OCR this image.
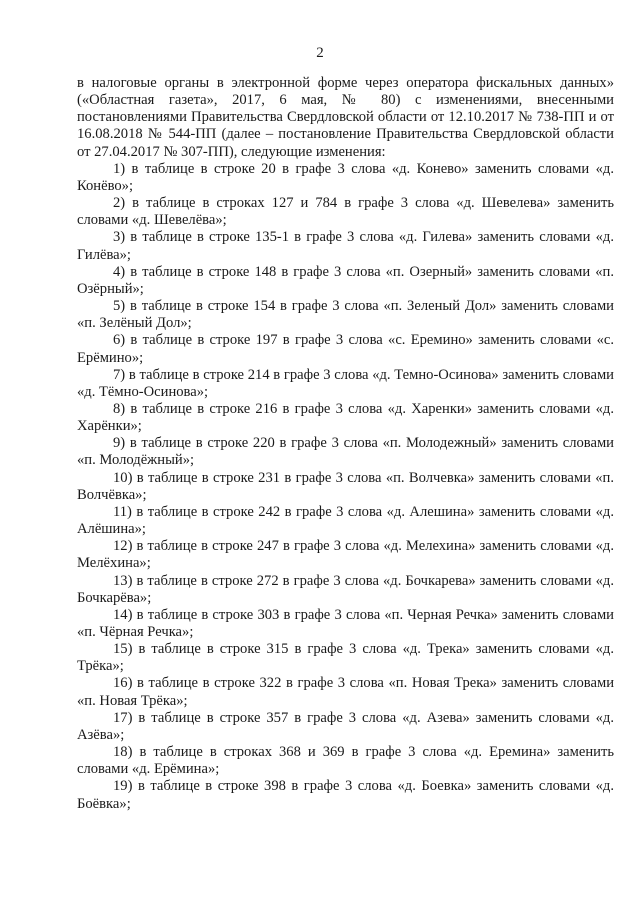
2

в налоговые органы в электронной форме через оператора фискальных данных» («Областная газета», 2017, 6 мая, № 80) с изменениями, внесенными постановлениями Правительства Свердловской области от 12.10.2017 № 738-ПП и от 16.08.2018 № 544-ПП (далее – постановление Правительства Свердловской области от 27.04.2017 № 307-ПП), следующие изменения:

1) в таблице в строке 20 в графе 3 слова «д. Конево» заменить словами «д. Конёво»;

2) в таблице в строках 127 и 784 в графе 3 слова «д. Шевелева» заменить словами «д. Шевелёва»;

3) в таблице в строке 135-1 в графе 3 слова «д. Гилева» заменить словами «д. Гилёва»;

4) в таблице в строке 148 в графе 3 слова «п. Озерный» заменить словами «п. Озёрный»;

5) в таблице в строке 154 в графе 3 слова «п. Зеленый Дол» заменить словами «п. Зелёный Дол»;

6) в таблице в строке 197 в графе 3 слова «с. Еремино» заменить словами «с. Ерёмино»;

7) в таблице в строке 214 в графе 3 слова «д. Темно-Осинова» заменить словами «д. Тёмно-Осинова»;

8) в таблице в строке 216 в графе 3 слова «д. Харенки» заменить словами «д. Харёнки»;

9) в таблице в строке 220 в графе 3 слова «п. Молодежный» заменить словами «п. Молодёжный»;

10) в таблице в строке 231 в графе 3 слова «п. Волчевка» заменить словами «п. Волчёвка»;

11) в таблице в строке 242 в графе 3 слова «д. Алешина» заменить словами «д. Алёшина»;

12) в таблице в строке 247 в графе 3 слова «д. Мелехина» заменить словами «д. Мелёхина»;

13) в таблице в строке 272 в графе 3 слова «д. Бочкарева» заменить словами «д. Бочкарёва»;

14) в таблице в строке 303 в графе 3 слова «п. Черная Речка» заменить словами «п. Чёрная Речка»;

15) в таблице в строке 315 в графе 3 слова «д. Трека» заменить словами «д. Трёка»;

16) в таблице в строке 322 в графе 3 слова «п. Новая Трека» заменить словами «п. Новая Трёка»;

17) в таблице в строке 357 в графе 3 слова «д. Азева» заменить словами «д. Азёва»;

18) в таблице в строках 368 и 369 в графе 3 слова «д. Еремина» заменить словами «д. Ерёмина»;

19) в таблице в строке 398 в графе 3 слова «д. Боевка» заменить словами «д. Боёвка»;
